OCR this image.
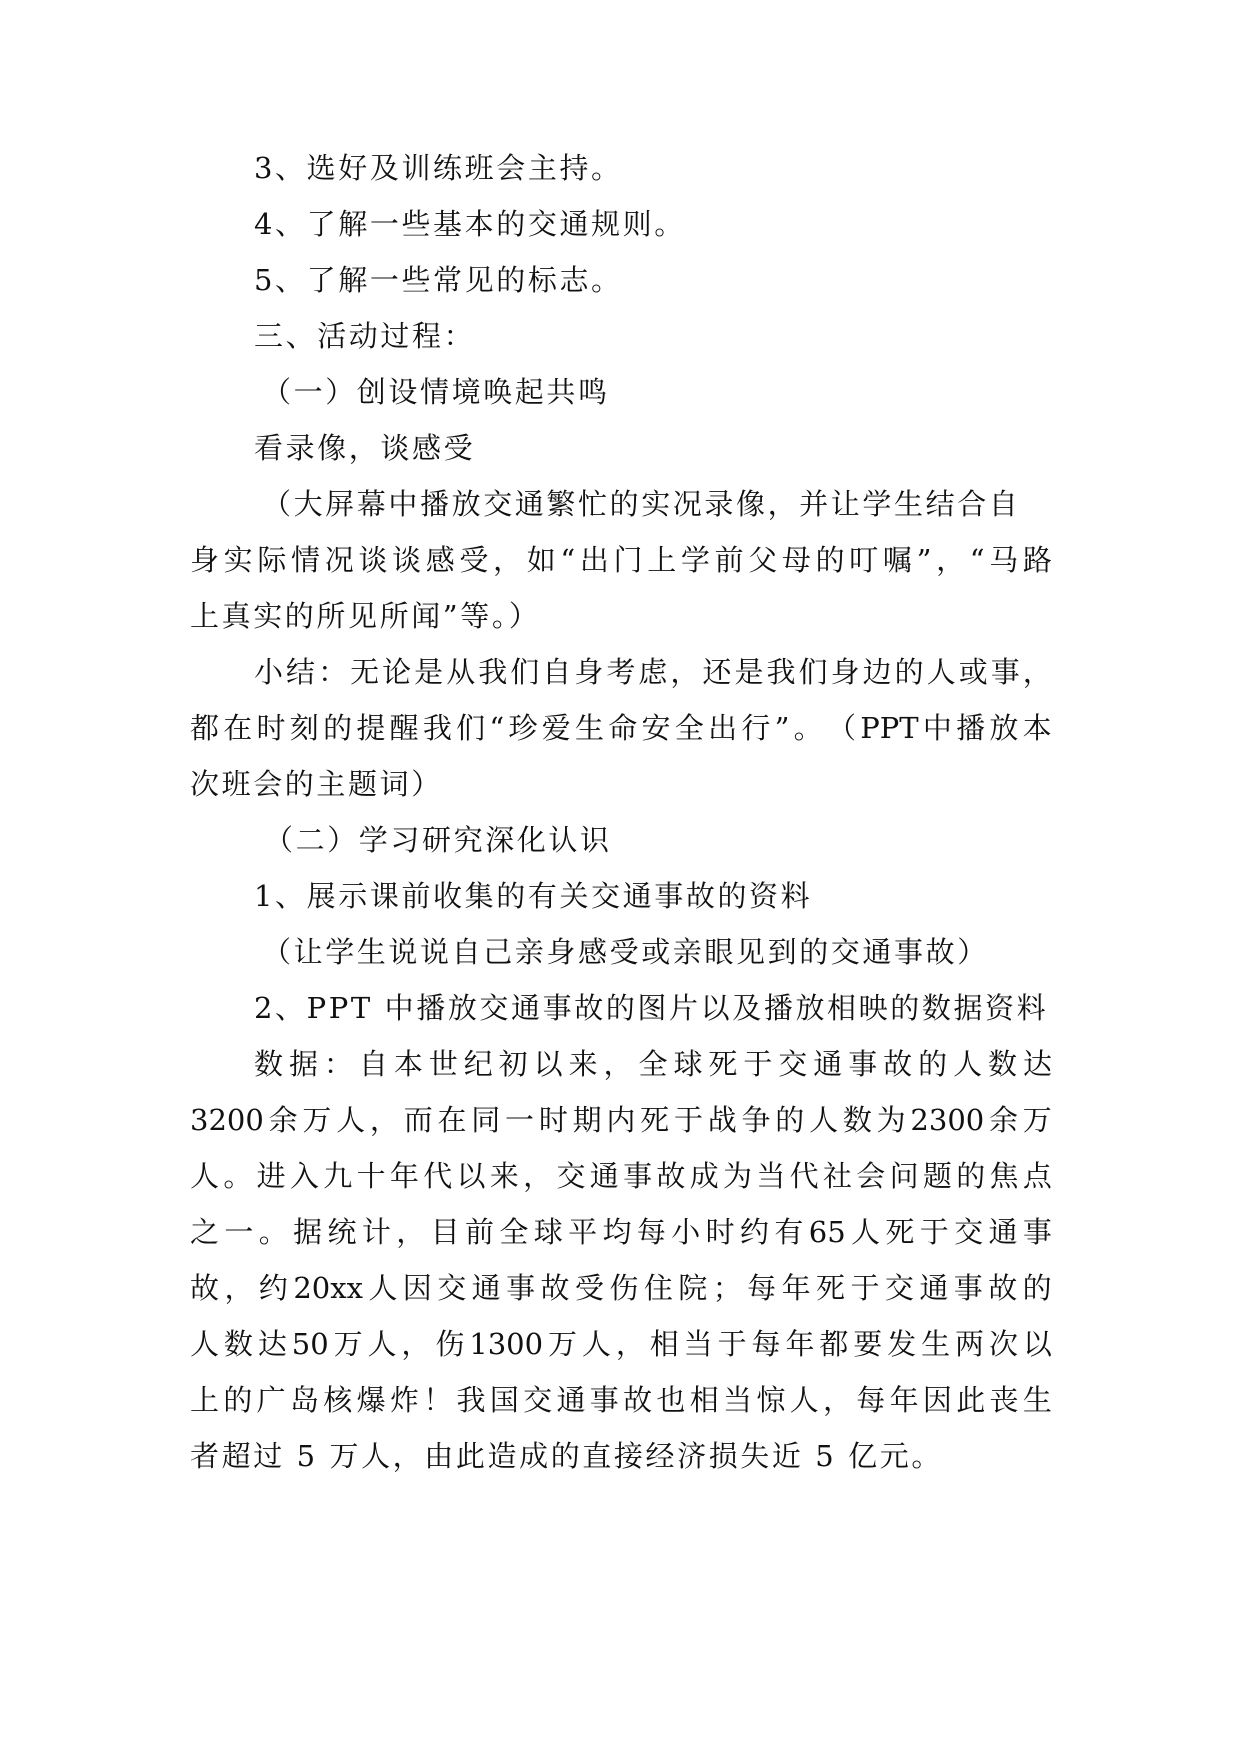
3、选好及训练班会主持。
4、了解一些基本的交通规则。
5、了解一些常见的标志。
三、活动过程：
（一）创设情境唤起共鸣
看录像，谈感受
（大屏幕中播放交通繁忙的实况录像，并让学生结合自
身 实 际 情 况 谈 谈 感 受 ， 如 “ 出 门 上 学 前 父 母 的 叮 嘱 ” ， “ 马 路
上真实的所见所闻”等。）
小 结 ： 无 论 是 从 我 们 自 身 考 虑 ， 还 是 我 们 身 边 的 人 或 事 ，
都 在 时 刻 的 提 醒 我 们 “ 珍 爱 生 命 安 全 出 行 ” 。 （ PPT 中 播 放 本
次班会的主题词）
（二）学习研究深化认识
1、展示课前收集的有关交通事故的资料
（让学生说说自己亲身感受或亲眼见到的交通事故）
2、PPT 中播放交通事故的图片以及播放相映的数据资料
数 据 ： 自 本 世 纪 初 以 来 ， 全 球 死 于 交 通 事 故 的 人 数 达
3200 余 万 人 ， 而 在 同 一 时 期 内 死 于 战 争 的 人 数 为 2300 余 万
人 。 进 入 九 十 年 代 以 来 ， 交 通 事 故 成 为 当 代 社 会 问 题 的 焦 点
之 一 。 据 统 计 ， 目 前 全 球 平 均 每 小 时 约 有 65 人 死 于 交 通 事
故 ， 约 20xx 人 因 交 通 事 故 受 伤 住 院 ； 每 年 死 于 交 通 事 故 的
人 数 达 50 万 人 ， 伤 1300 万 人 ， 相 当 于 每 年 都 要 发 生 两 次 以
上 的 广 岛 核 爆 炸 ！ 我 国 交 通 事 故 也 相 当 惊 人 ， 每 年 因 此 丧 生
者超过 5 万人，由此造成的直接经济损失近 5 亿元。
